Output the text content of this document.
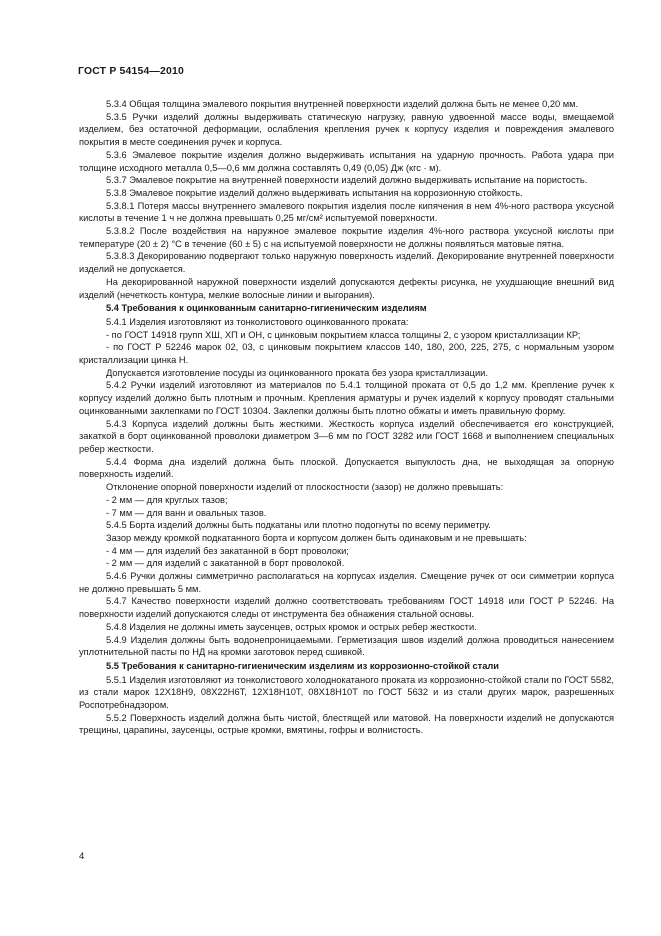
ГОСТ Р 54154—2010

5.3.4 Общая толщина эмалевого покрытия внутренней поверхности изделий должна быть не менее 0,20 мм.

5.3.5 Ручки изделий должны выдерживать статическую нагрузку, равную удвоенной массе воды, вмещаемой изделием, без остаточной деформации, ослабления крепления ручек к корпусу изделия и повреждения эмалевого покрытия в месте соединения ручек и корпуса.

5.3.6 Эмалевое покрытие изделия должно выдерживать испытания на ударную прочность. Работа удара при толщине исходного металла 0,5—0,6 мм должна составлять 0,49 (0,05) Дж (кгс · м).

5.3.7 Эмалевое покрытие на внутренней поверхности изделий должно выдерживать испытание на пористость.

5.3.8 Эмалевое покрытие изделий должно выдерживать испытания на коррозионную стойкость.

5.3.8.1 Потеря массы внутреннего эмалевого покрытия изделия после кипячения в нем 4%-ного раствора уксусной кислоты в течение 1 ч не должна превышать 0,25 мг/см² испытуемой поверхности.

5.3.8.2 После воздействия на наружное эмалевое покрытие изделия 4%-ного раствора уксусной кислоты при температуре (20 ± 2) °С в течение (60 ± 5) с на испытуемой поверхности не должны появляться матовые пятна.

5.3.8.3 Декорированию подвергают только наружную поверхность изделий. Декорирование внутренней поверхности изделий не допускается.

На декорированной наружной поверхности изделий допускаются дефекты рисунка, не ухудшающие внешний вид изделий (нечеткость контура, мелкие волосные линии и выгорания).

5.4 Требования к оцинкованным санитарно-гигиеническим изделиям

5.4.1 Изделия изготовляют из тонколистового оцинкованного проката:

- по ГОСТ 14918 групп ХШ, ХП и ОН, с цинковым покрытием класса толщины 2, с узором кристаллизации КР;

- по ГОСТ Р 52246 марок 02, 03, с цинковым покрытием классов 140, 180, 200, 225, 275, с нормальным узором кристаллизации цинка Н.

Допускается изготовление посуды из оцинкованного проката без узора кристаллизации.

5.4.2 Ручки изделий изготовляют из материалов по 5.4.1 толщиной проката от 0,5 до 1,2 мм. Крепление ручек к корпусу изделий должно быть плотным и прочным. Крепления арматуры и ручек изделий к корпусу проводят стальными оцинкованными заклепками по ГОСТ 10304. Заклепки должны быть плотно обжаты и иметь правильную форму.

5.4.3 Корпуса изделий должны быть жесткими. Жесткость корпуса изделий обеспечивается его конструкцией, закаткой в борт оцинкованной проволоки диаметром 3—6 мм по ГОСТ 3282 или ГОСТ 1668 и выполнением специальных ребер жесткости.

5.4.4 Форма дна изделий должна быть плоской. Допускается выпуклость дна, не выходящая за опорную поверхность изделий.

Отклонение опорной поверхности изделий от плоскостности (зазор) не должно превышать:

- 2 мм — для круглых тазов;

- 7 мм — для ванн и овальных тазов.

5.4.5 Борта изделий должны быть подкатаны или плотно подогнуты по всему периметру.

Зазор между кромкой подкатанного борта и корпусом должен быть одинаковым и не превышать:

- 4 мм — для изделий без закатанной в борт проволоки;

- 2 мм — для изделий с закатанной в борт проволокой.

5.4.6 Ручки должны симметрично располагаться на корпусах изделия. Смещение ручек от оси симметрии корпуса не должно превышать 5 мм.

5.4.7 Качество поверхности изделий должно соответствовать требованиям ГОСТ 14918 или ГОСТ Р 52246. На поверхности изделий допускаются следы от инструмента без обнажения стальной основы.

5.4.8 Изделия не должны иметь заусенцев, острых кромок и острых ребер жесткости.

5.4.9 Изделия должны быть водонепроницаемыми. Герметизация швов изделий должна проводиться нанесением уплотнительной пасты по НД на кромки заготовок перед сшивкой.

5.5 Требования к санитарно-гигиеническим изделиям из коррозионно-стойкой стали

5.5.1 Изделия изготовляют из тонколистового холоднокатаного проката из коррозионно-стойкой стали по ГОСТ 5582, из стали марок 12Х18Н9, 08Х22Н6Т, 12Х18Н10Т, 08Х18Н10Т по ГОСТ 5632 и из стали других марок, разрешенных Роспотребнадзором.

5.5.2 Поверхность изделий должна быть чистой, блестящей или матовой. На поверхности изделий не допускаются трещины, царапины, заусенцы, острые кромки, вмятины, гофры и волнистость.

4
